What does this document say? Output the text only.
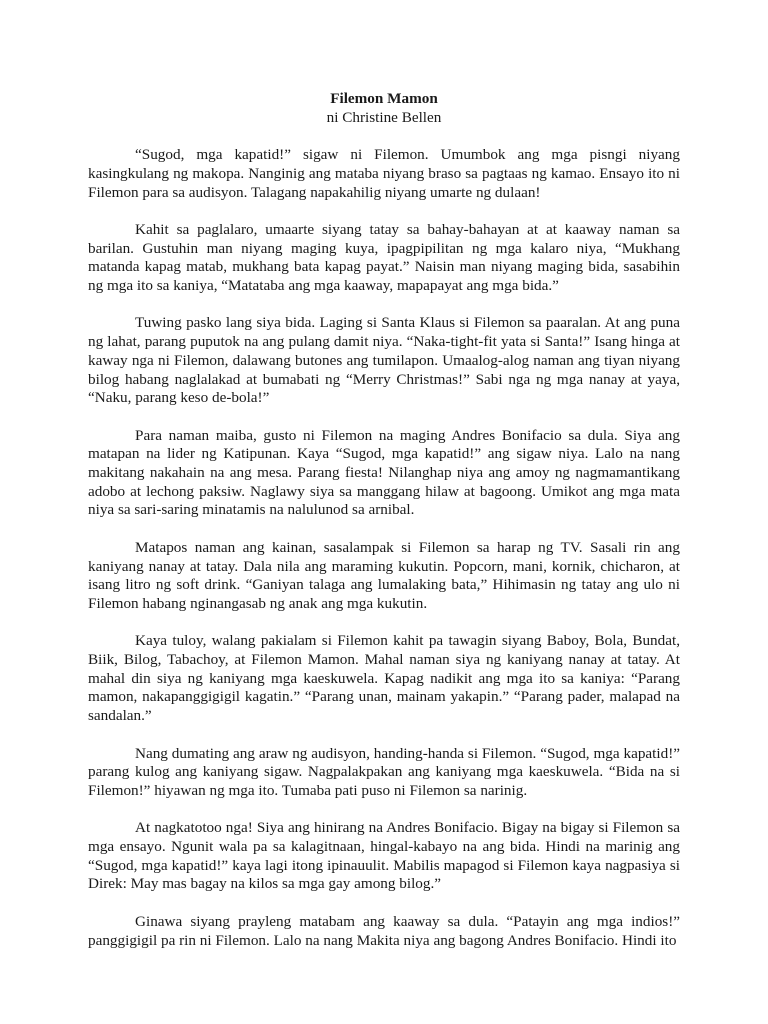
Filemon Mamon

ni Christine Bellen

“Sugod, mga kapatid!” sigaw ni Filemon. Umumbok ang mga pisngi niyang kasingkulang ng makopa. Nanginig ang mataba niyang braso sa pagtaas ng kamao. Ensayo ito ni Filemon para sa audisyon. Talagang napakahilig niyang umarte ng dulaan!

Kahit sa paglalaro, umaarte siyang tatay sa bahay-bahayan at at kaaway naman sa barilan. Gustuhin man niyang maging kuya, ipagpipilitan ng mga kalaro niya, “Mukhang matanda kapag matab, mukhang bata kapag payat.” Naisin man niyang maging bida, sasabihin ng mga ito sa kaniya, “Matataba ang mga kaaway, mapapayat ang mga bida.”

Tuwing pasko lang siya bida. Laging si Santa Klaus si Filemon sa paaralan. At ang puna ng lahat, parang puputok na ang pulang damit niya. “Naka-tight-fit yata si Santa!” Isang hinga at kaway nga ni Filemon, dalawang butones ang tumilapon. Umaalog-alog naman ang tiyan niyang bilog habang naglalakad at bumabati ng “Merry Christmas!” Sabi nga ng mga nanay at yaya, “Naku, parang keso de-bola!”

Para naman maiba, gusto ni Filemon na maging Andres Bonifacio sa dula. Siya ang matapan na lider ng Katipunan. Kaya “Sugod, mga kapatid!” ang sigaw niya. Lalo na nang makitang nakahain na ang mesa. Parang fiesta! Nilanghap niya ang amoy ng nagmamantikang adobo at lechong paksiw. Naglawy siya sa manggang hilaw at bagoong. Umikot ang mga mata niya sa sari-saring minatamis na nalulunod sa arnibal.

Matapos naman ang kainan, sasalampak si Filemon sa harap ng TV. Sasali rin ang kaniyang nanay at tatay. Dala nila ang maraming kukutin. Popcorn, mani, kornik, chicharon, at isang litro ng soft drink. “Ganiyan talaga ang lumalaking bata,” Hihimasin ng tatay ang ulo ni Filemon habang nginangasab ng anak ang mga kukutin.

Kaya tuloy, walang pakialam si Filemon kahit pa tawagin siyang Baboy, Bola, Bundat, Biik, Bilog, Tabachoy, at Filemon Mamon. Mahal naman siya ng kaniyang nanay at tatay. At mahal din siya ng kaniyang mga kaeskuwela. Kapag nadikit ang mga ito sa kaniya: “Parang mamon, nakapanggigigil kagatin.” “Parang unan, mainam yakapin.” “Parang pader, malapad na sandalan.”

Nang dumating ang araw ng audisyon, handing-handa si Filemon. “Sugod, mga kapatid!” parang kulog ang kaniyang sigaw. Nagpalakpakan ang kaniyang mga kaeskuwela. “Bida na si Filemon!” hiyawan ng mga ito. Tumaba pati puso ni Filemon sa narinig.

At nagkatotoo nga! Siya ang hinirang na Andres Bonifacio. Bigay na bigay si Filemon sa mga ensayo. Ngunit wala pa sa kalagitnaan, hingal-kabayo na ang bida. Hindi na marinig ang “Sugod, mga kapatid!” kaya lagi itong ipinauulit. Mabilis mapagod si Filemon kaya nagpasiya si Direk: May mas bagay na kilos sa mga gay among bilog.”

Ginawa siyang prayleng matabam ang kaaway sa dula. “Patayin ang mga indios!” panggigigil pa rin ni Filemon. Lalo na nang Makita niya ang bagong Andres Bonifacio. Hindi ito
